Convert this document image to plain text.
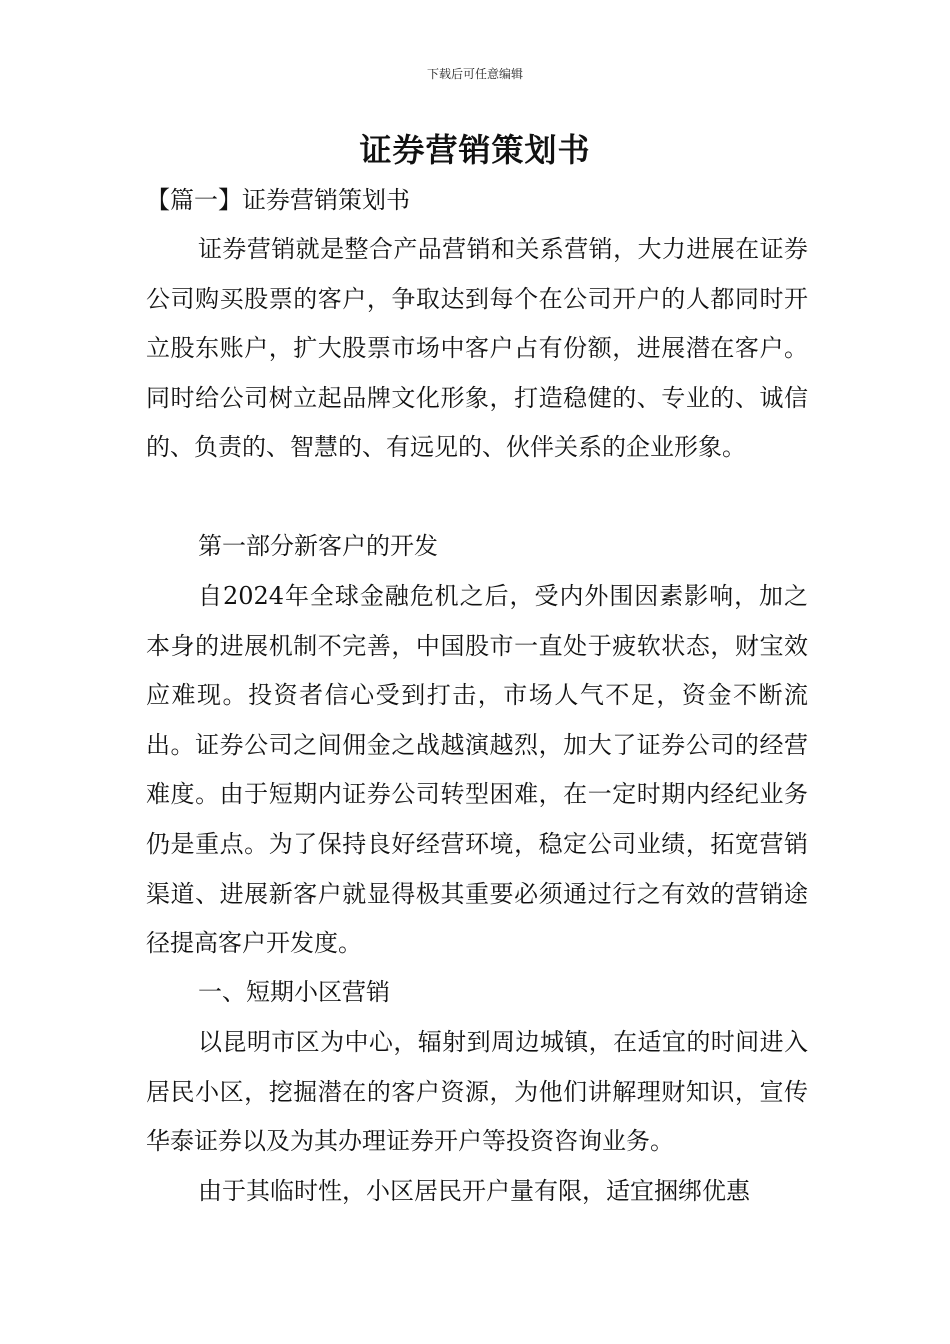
下载后可任意编辑
证券营销策划书

【篇一】证券营销策划书

证券营销就是整合产品营销和关系营销，大力进展在证券公司购买股票的客户，争取达到每个在公司开户的人都同时开立股东账户，扩大股票市场中客户占有份额，进展潜在客户。同时给公司树立起品牌文化形象，打造稳健的、专业的、诚信的、负责的、智慧的、有远见的、伙伴关系的企业形象。

第一部分新客户的开发

自2024年全球金融危机之后，受内外围因素影响，加之本身的进展机制不完善，中国股市一直处于疲软状态，财宝效应难现。投资者信心受到打击，市场人气不足，资金不断流出。证券公司之间佣金之战越演越烈，加大了证券公司的经营难度。由于短期内证券公司转型困难，在一定时期内经纪业务仍是重点。为了保持良好经营环境，稳定公司业绩，拓宽营销渠道、进展新客户就显得极其重要必须通过行之有效的营销途径提高客户开发度。

一、短期小区营销

以昆明市区为中心，辐射到周边城镇，在适宜的时间进入居民小区，挖掘潜在的客户资源，为他们讲解理财知识，宣传华泰证券以及为其办理证券开户等投资咨询业务。

由于其临时性，小区居民开户量有限，适宜捆绑优惠
